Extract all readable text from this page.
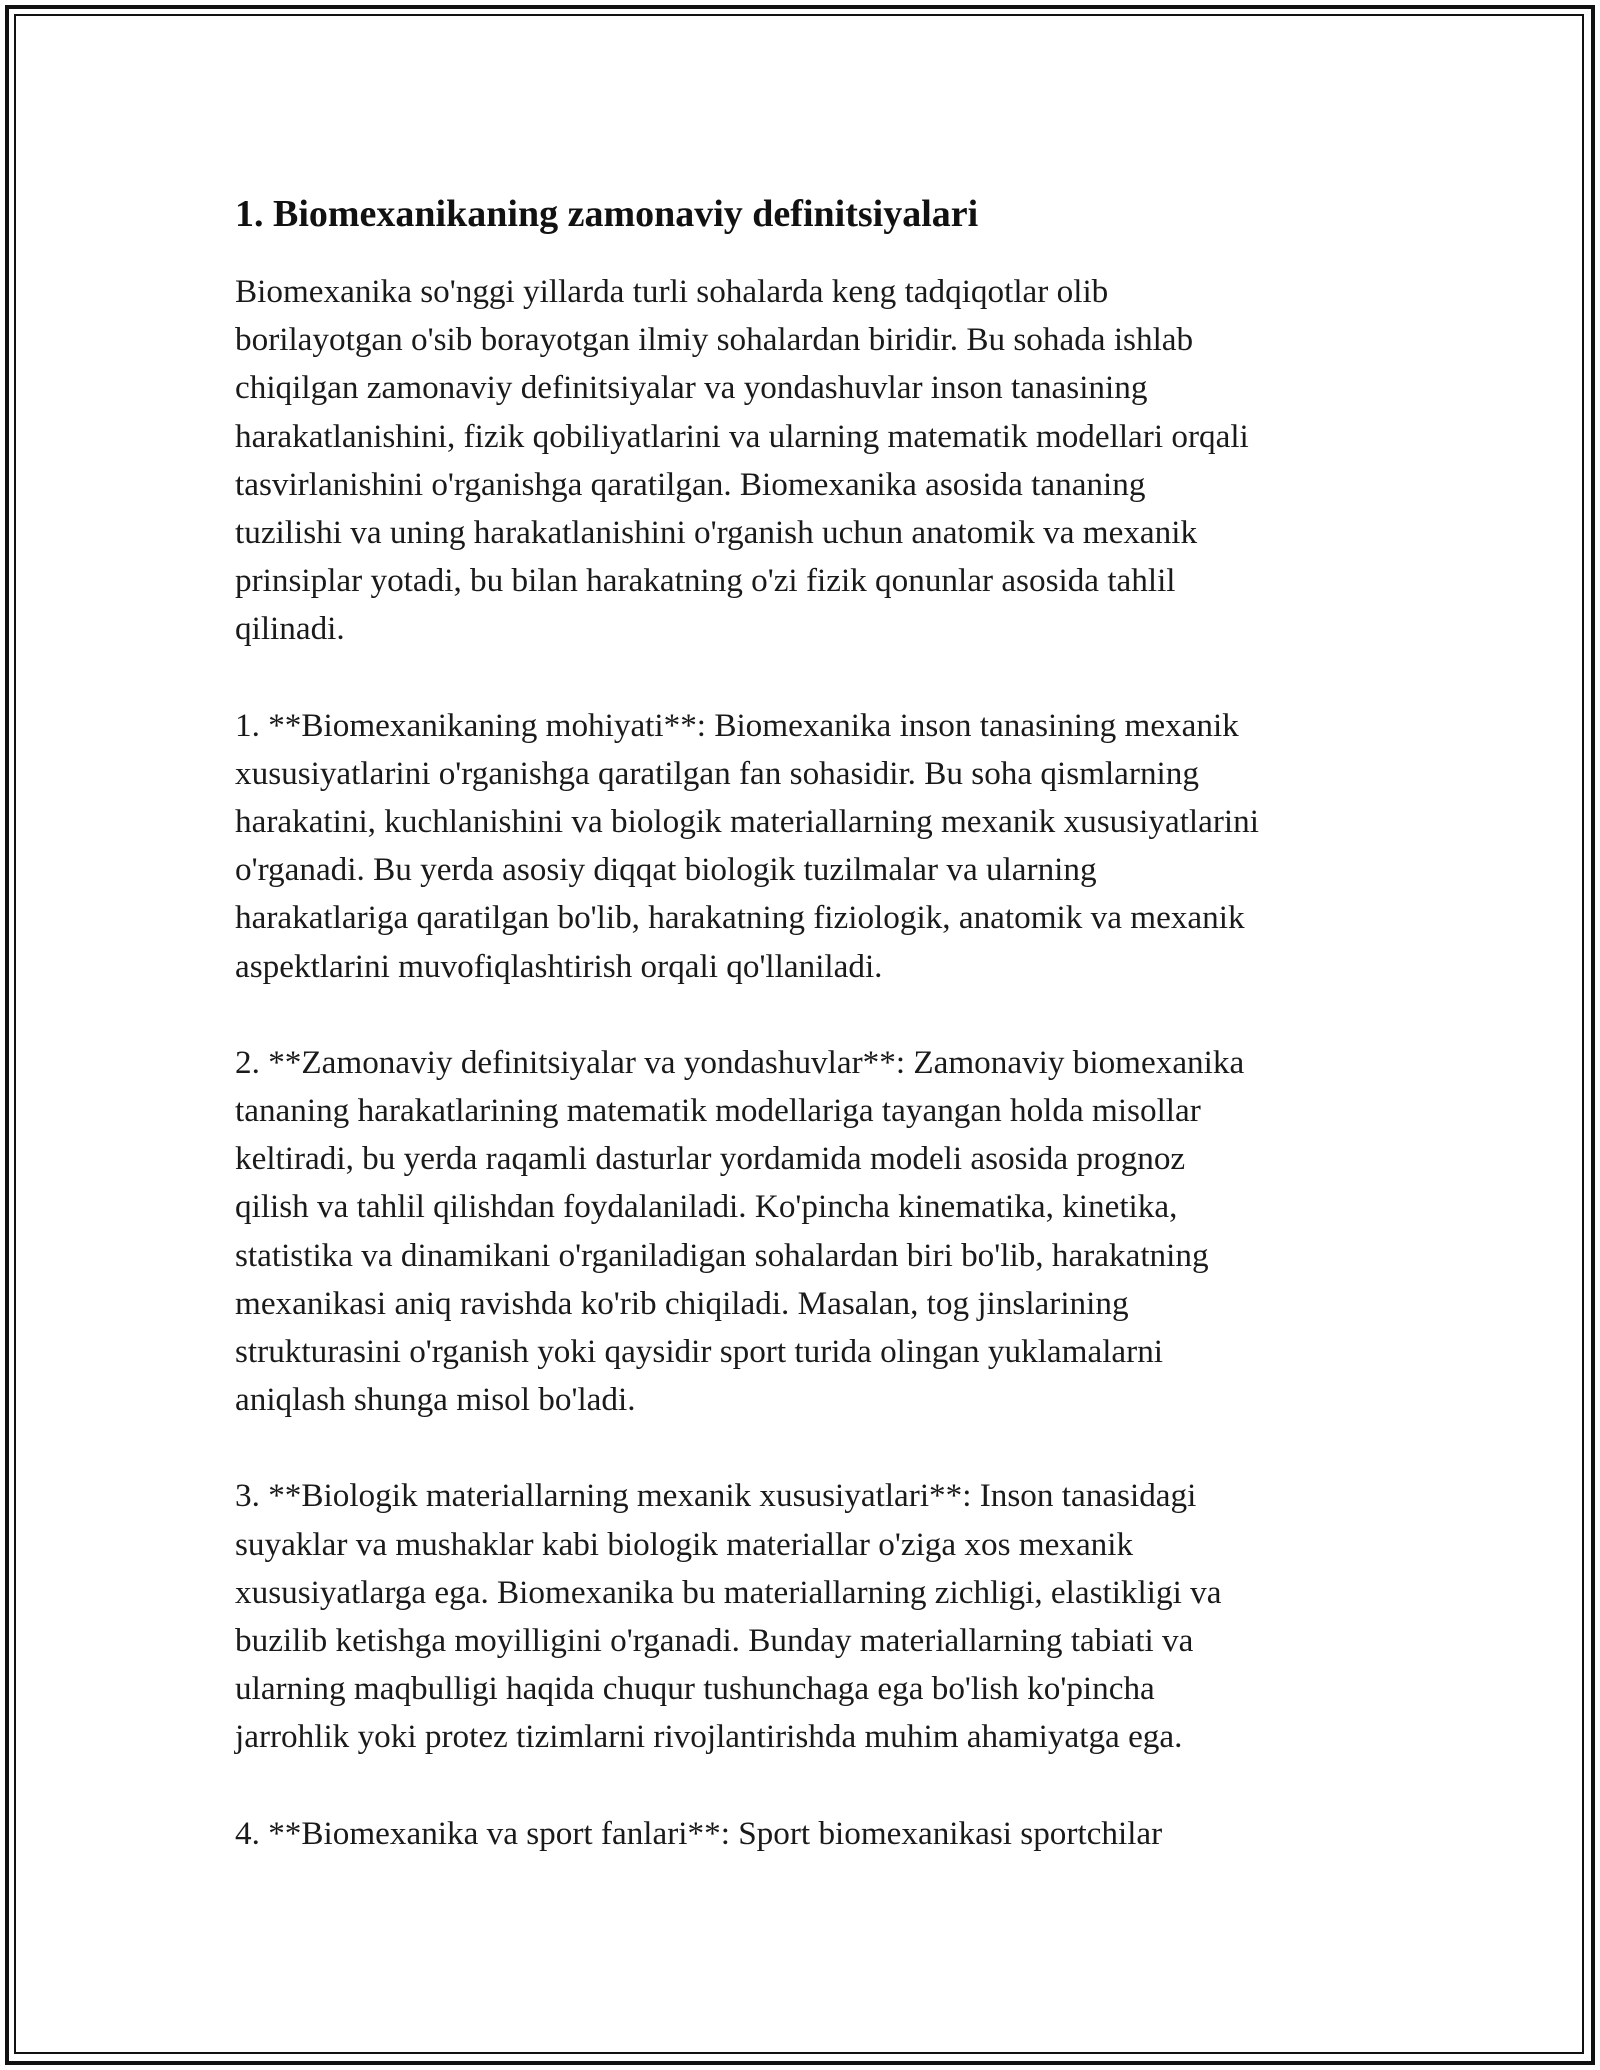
1. Biomexanikaning zamonaviy definitsiyalari

Biomexanika so'nggi yillarda turli sohalarda keng tadqiqotlar olib
borilayotgan o'sib borayotgan ilmiy sohalardan biridir. Bu sohada ishlab
chiqilgan zamonaviy definitsiyalar va yondashuvlar inson tanasining
harakatlanishini, fizik qobiliyatlarini va ularning matematik modellari orqali
tasvirlanishini o'rganishga qaratilgan. Biomexanika asosida tananing
tuzilishi va uning harakatlanishini o'rganish uchun anatomik va mexanik
prinsiplar yotadi, bu bilan harakatning o'zi fizik qonunlar asosida tahlil
qilinadi.

1. **Biomexanikaning mohiyati**: Biomexanika inson tanasining mexanik
xususiyatlarini o'rganishga qaratilgan fan sohasidir. Bu soha qismlarning
harakatini, kuchlanishini va biologik materiallarning mexanik xususiyatlarini
o'rganadi. Bu yerda asosiy diqqat biologik tuzilmalar va ularning
harakatlariga qaratilgan bo'lib, harakatning fiziologik, anatomik va mexanik
aspektlarini muvofiqlashtirish orqali qo'llaniladi.

2. **Zamonaviy definitsiyalar va yondashuvlar**: Zamonaviy biomexanika
tananing harakatlarining matematik modellariga tayangan holda misollar
keltiradi, bu yerda raqamli dasturlar yordamida modeli asosida prognoz
qilish va tahlil qilishdan foydalaniladi. Ko'pincha kinematika, kinetika,
statistika va dinamikani o'rganiladigan sohalardan biri bo'lib, harakatning
mexanikasi aniq ravishda ko'rib chiqiladi. Masalan, tog jinslarining
strukturasini o'rganish yoki qaysidir sport turida olingan yuklamalarni
aniqlash shunga misol bo'ladi.

3. **Biologik materiallarning mexanik xususiyatlari**: Inson tanasidagi
suyaklar va mushaklar kabi biologik materiallar o'ziga xos mexanik
xususiyatlarga ega. Biomexanika bu materiallarning zichligi, elastikligi va
buzilib ketishga moyilligini o'rganadi. Bunday materiallarning tabiati va
ularning maqbulligi haqida chuqur tushunchaga ega bo'lish ko'pincha
jarrohlik yoki protez tizimlarni rivojlantirishda muhim ahamiyatga ega.

4. **Biomexanika va sport fanlari**: Sport biomexanikasi sportchilar
